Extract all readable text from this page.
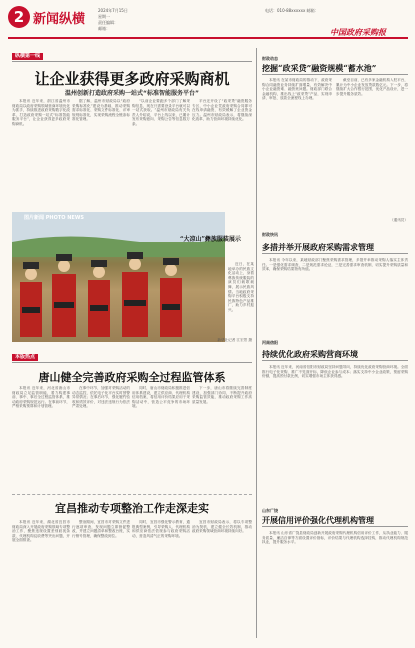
2 新闻纵横
2024年7月15日
星期一
责任编辑：
邮箱：
电话：010-88xxxxxx 邮箱：
中国政府采购报
纵横第一线
让企业获得更多政府采购商机
温州创新打造政府采购一站式“标准智能服务平台”

本报讯 近年来，浙江省温州市财政局以政府采购领域营商环境优化为抓手，持续推进政府采购数字化改革，打造政府采购一站式“标准智能服务平台”，让企业获得更多政府采购商机。

据了解，温州市财政局以“政府采购标准化”建设为基础，推动采购需求标准化、采购文件标准化、评审规则标准化，实现采购流程全链条标准化管理。

“以前企业要跑多个部门了解采购信息，现在只需要登录平台就可以一站式获取。”温州市财政局有关负责人介绍说，平台上线以来，已累计发布采购意向、采购公告等信息数万条。

平台还开设了“政采贷”融资服务专区，中小企业凭政府采购合同即可在线申请融资，有效缓解了企业资金压力。温州市财政局表示，将继续深化改革，助力营商环境持续优化。

财政动态
挖掘“政采贷”融资规模“蓄水池”

本报讯 在某市财政局的推动下，政府采购合同融资业务持续扩面增量，有效解决中小企业融资难、融资贵问题。财政部门联合金融机构，推出线上“政采贷”产品，实现申请、审批、放款全流程线上办理。

截至目前，已有多家金融机构入驻平台，累计为中小企业发放贷款数亿元。下一步，将继续扩大合作银行范围，优化产品设计，进一步提升服务质效。

（通讯员）
图片新闻 PHOTO NEWS
“大凉山”彝族服装展示

近日，在某地举办的民族文化活动上，身着彝族传统服装的演员们载歌载舞，展示民族风情。当地政府采购平台积极支持民族特色产品推广，助力乡村振兴。

新华社记者 江宏景 摄
财政快讯
多措并举开展政府采购需求管理

本报讯 今年以来，某地财政部门聚焦采购需求管理，多措并举推动采购人落实主体责任。一是强化需求调查，二是规范需求论证，三是完善需求审查机制，切实提升采购质量和效率，确保采购结果物有所值。

河南信阳
持续优化政府采购营商环境

本报讯 近年来，河南省信阳市财政局坚持问题导向，持续优化政府采购营商环境。全面推行电子化采购，推广不见面开标，降低企业参与成本；落实支持中小企业政策，预留采购份额，提高预付款比例，切实增强市场主体获得感。

山东广饶
开展信用评价强化代理机构管理

本报讯 山东省广饶县财政局创新开展政府采购代理机构信用评价工作，从执业能力、服务质量、廉洁自律等方面设置评价指标，评价结果与代理机构选择挂钩，推动代理机构规范执业，提升服务水平。

本版热点
唐山健全完善政府采购全过程监管体系

本报讯 近年来，河北省唐山市财政局立足监管职能，着力构建事前、事中、事后全过程监管体系，推动政府采购规范运行。在事前环节，严格采购预算和计划管理。

在事中环节，加强对采购活动的动态监控，依托电子化平台实时预警异常情况；在事后环节，强化履约验收和绩效评价，对违法违规行为依法严肃处理。

同时，唐山市财政局积极推进信用体系建设，建立供应商、代理机构信用档案，将信用评价结果应用于采购活动中，营造公平竞争的市场环境。

下一步，唐山市将继续完善制度建设，加强部门协同，不断提升政府采购监管效能，推动政府采购工作高质量发展。

宜昌推动专项整治工作走深走实

本报讯 近年来，湖北省宜昌市财政局深入开展政府采购领域专项整治工作，聚焦违规设置差别歧视条款、代理机构乱收费等突出问题，开展全面排查。

整治期间，宜昌市对采购文件进行逐项审查，发现问题立即督促整改，并建立问题清单和整改台账，实行销号管理，确保整改到位。

同时，宜昌市强化警示教育，通报典型案例，引导采购人、代理机构和供应商依法依规参与政府采购活动，营造风清气正的采购环境。

宜昌市财政局表示，将以专项整治为契机，建立健全长效机制，推动政府采购领域营商环境持续向好。
